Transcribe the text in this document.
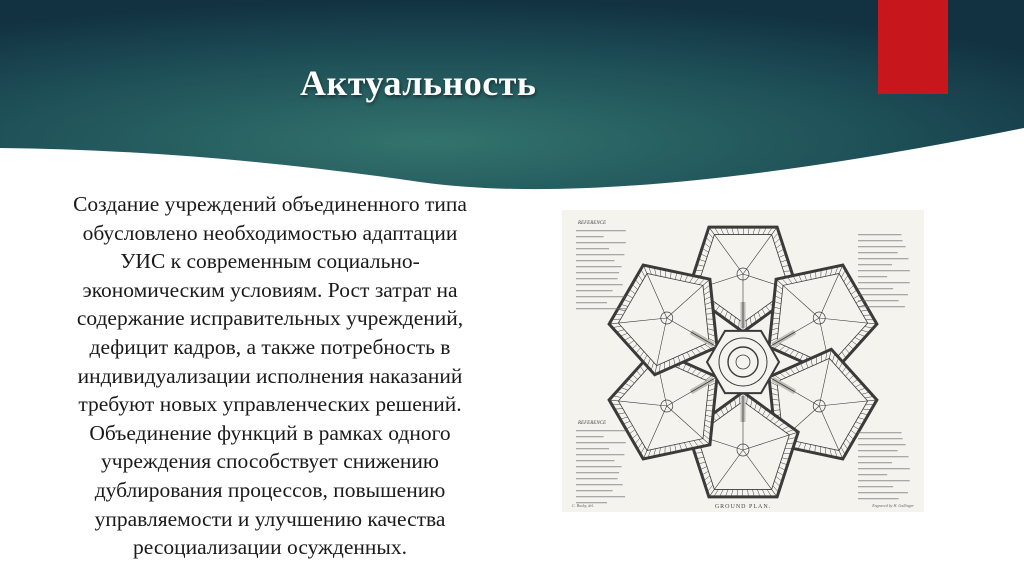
Актуальность

Создание учреждений объединенного типа
обусловлено необходимостью адаптации
УИС к современным социально-
экономическим условиям. Рост затрат на
содержание исправительных учреждений,
дефицит кадров, а также потребность в
индивидуализации исполнения наказаний
требуют новых управленческих решений.
Объединение функций в рамках одного
учреждения способствует снижению
дублирования процессов, повышению
управляемости и улучшению качества
ресоциализации осужденных.

REFERENCE
REFERENCE
GROUND PLAN.
C. Busby, del.	Engraved by H. Gallinger
